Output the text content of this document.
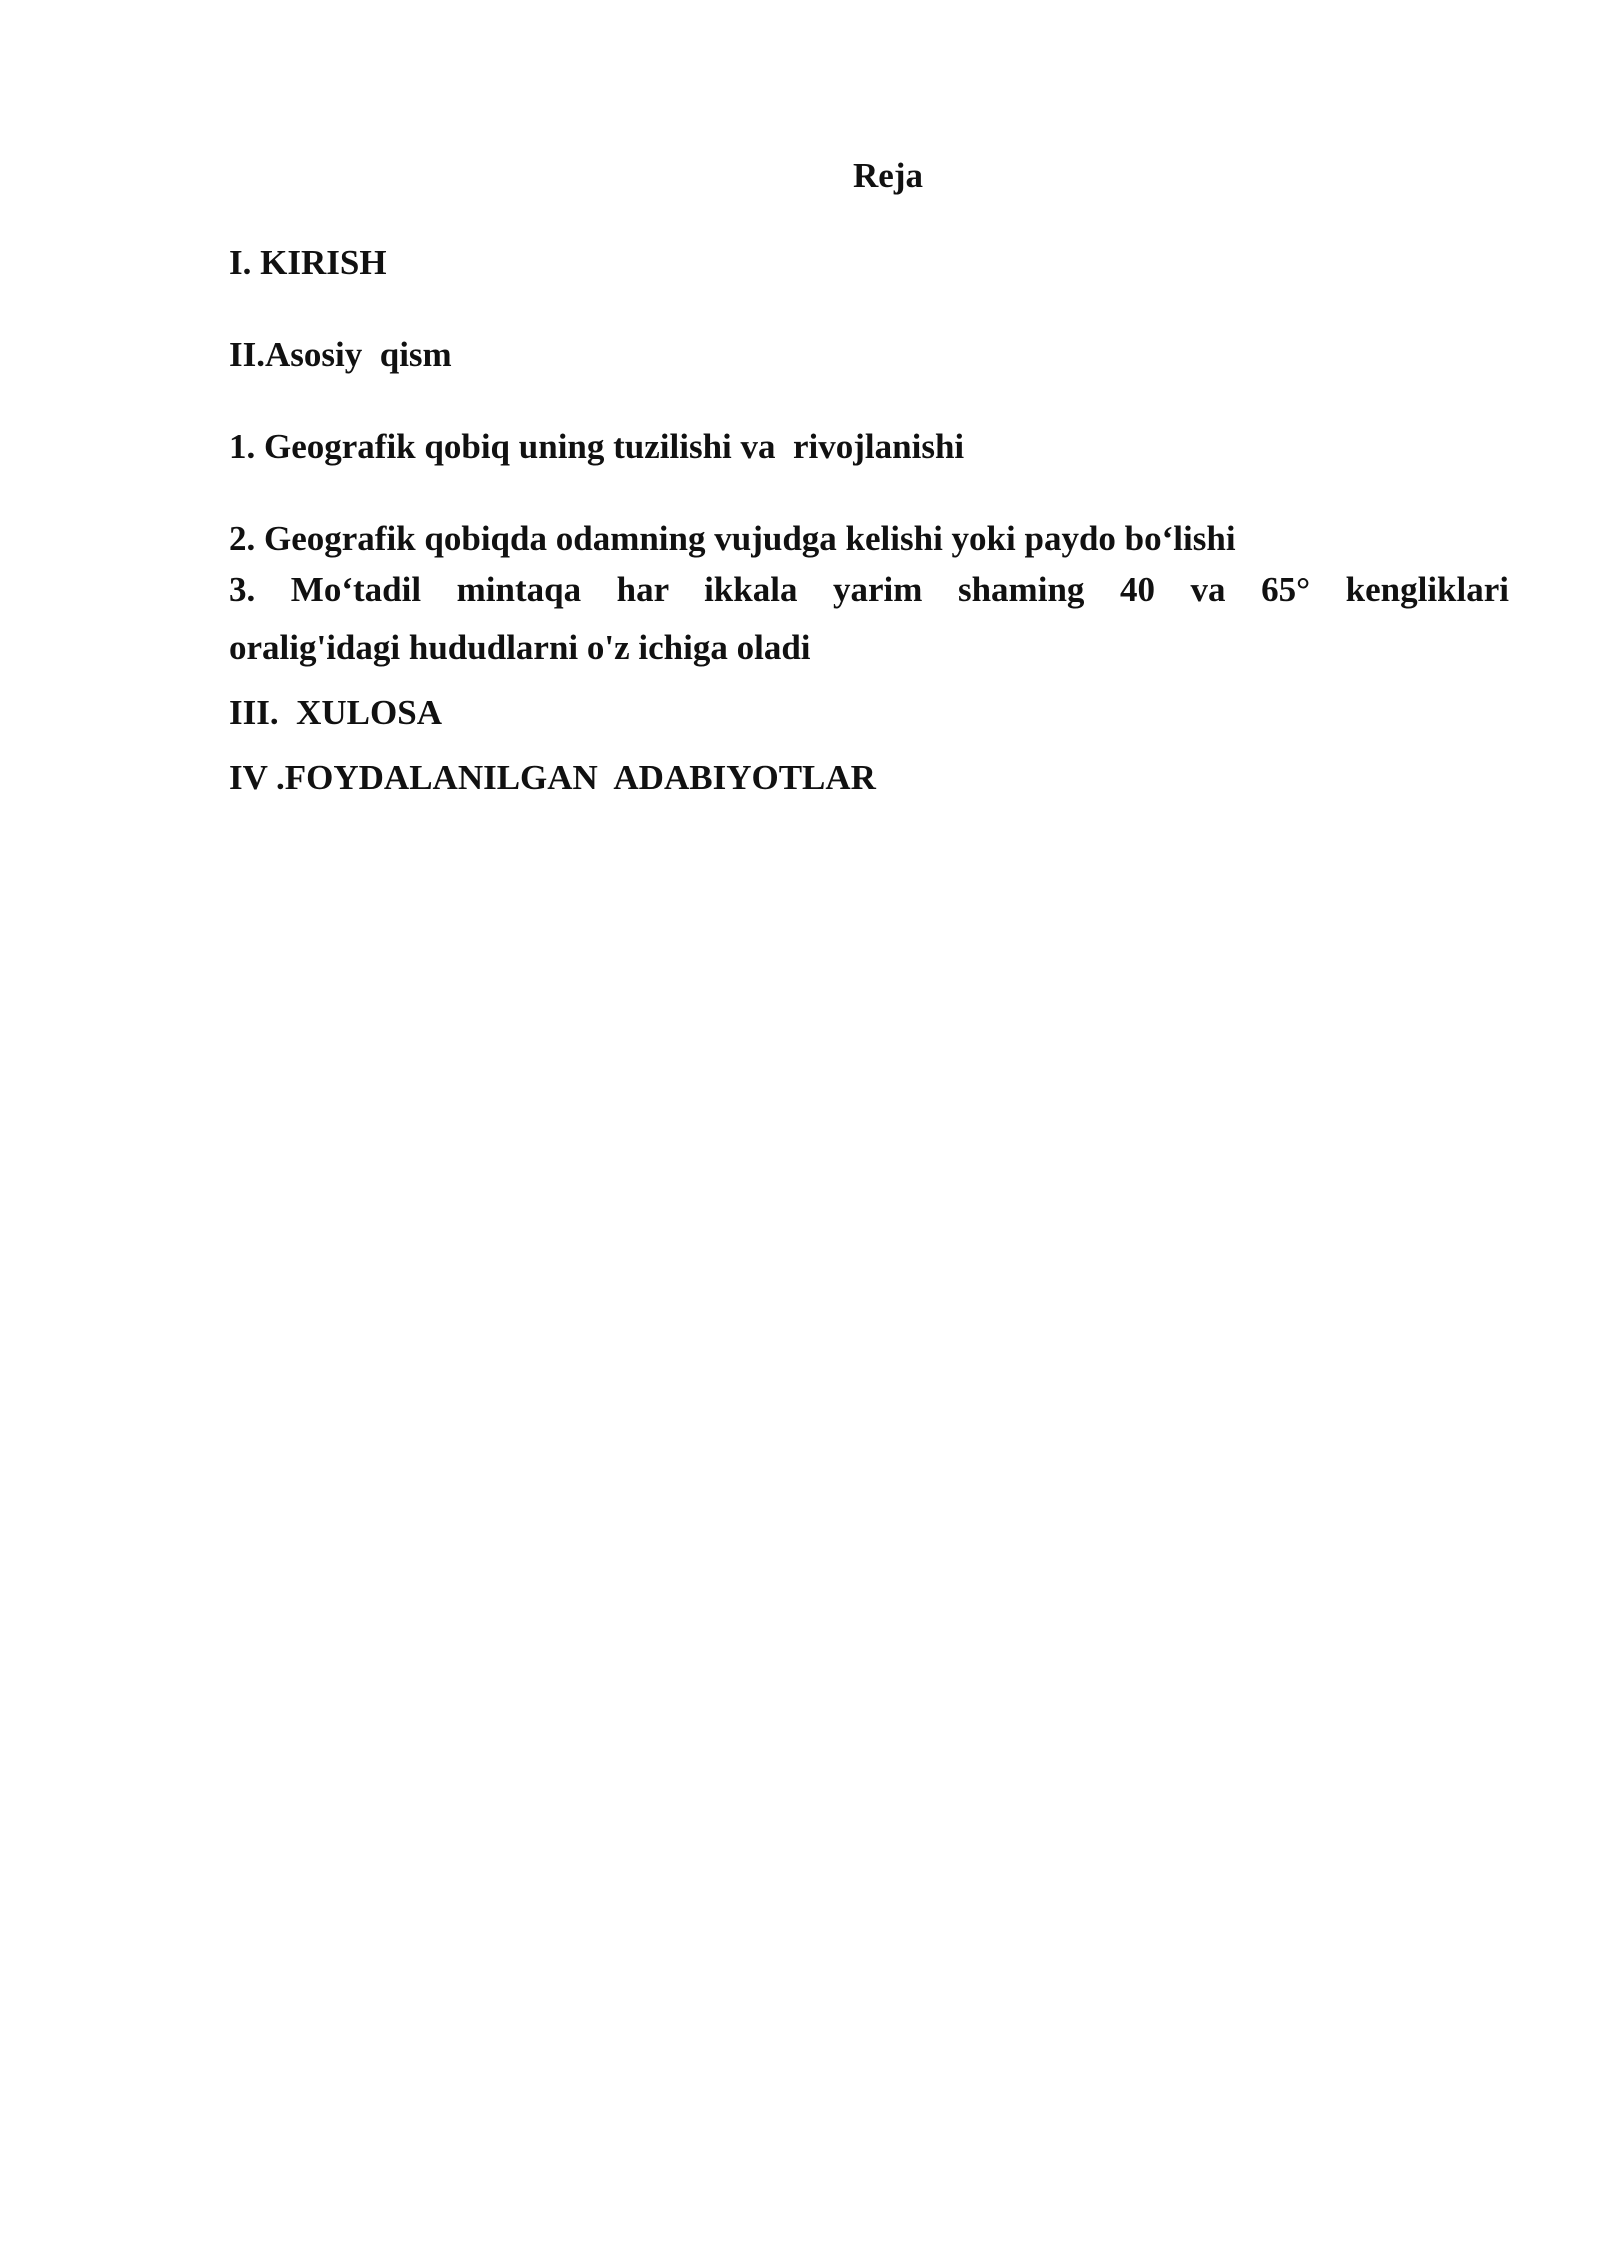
Reja
I. KIRISH
II.Asosiy  qism
1. Geografik qobiq uning tuzilishi va  rivojlanishi
2. Geografik qobiqda odamning vujudga kelishi yoki paydo bo‘lishi
3. Mo‘tadil mintaqa har ikkala yarim shaming 40 va 65° kengliklari
oralig'idagi hududlarni o'z ichiga oladi
III.  XULOSA
IV .FOYDALANILGAN  ADABIYOTLAR
